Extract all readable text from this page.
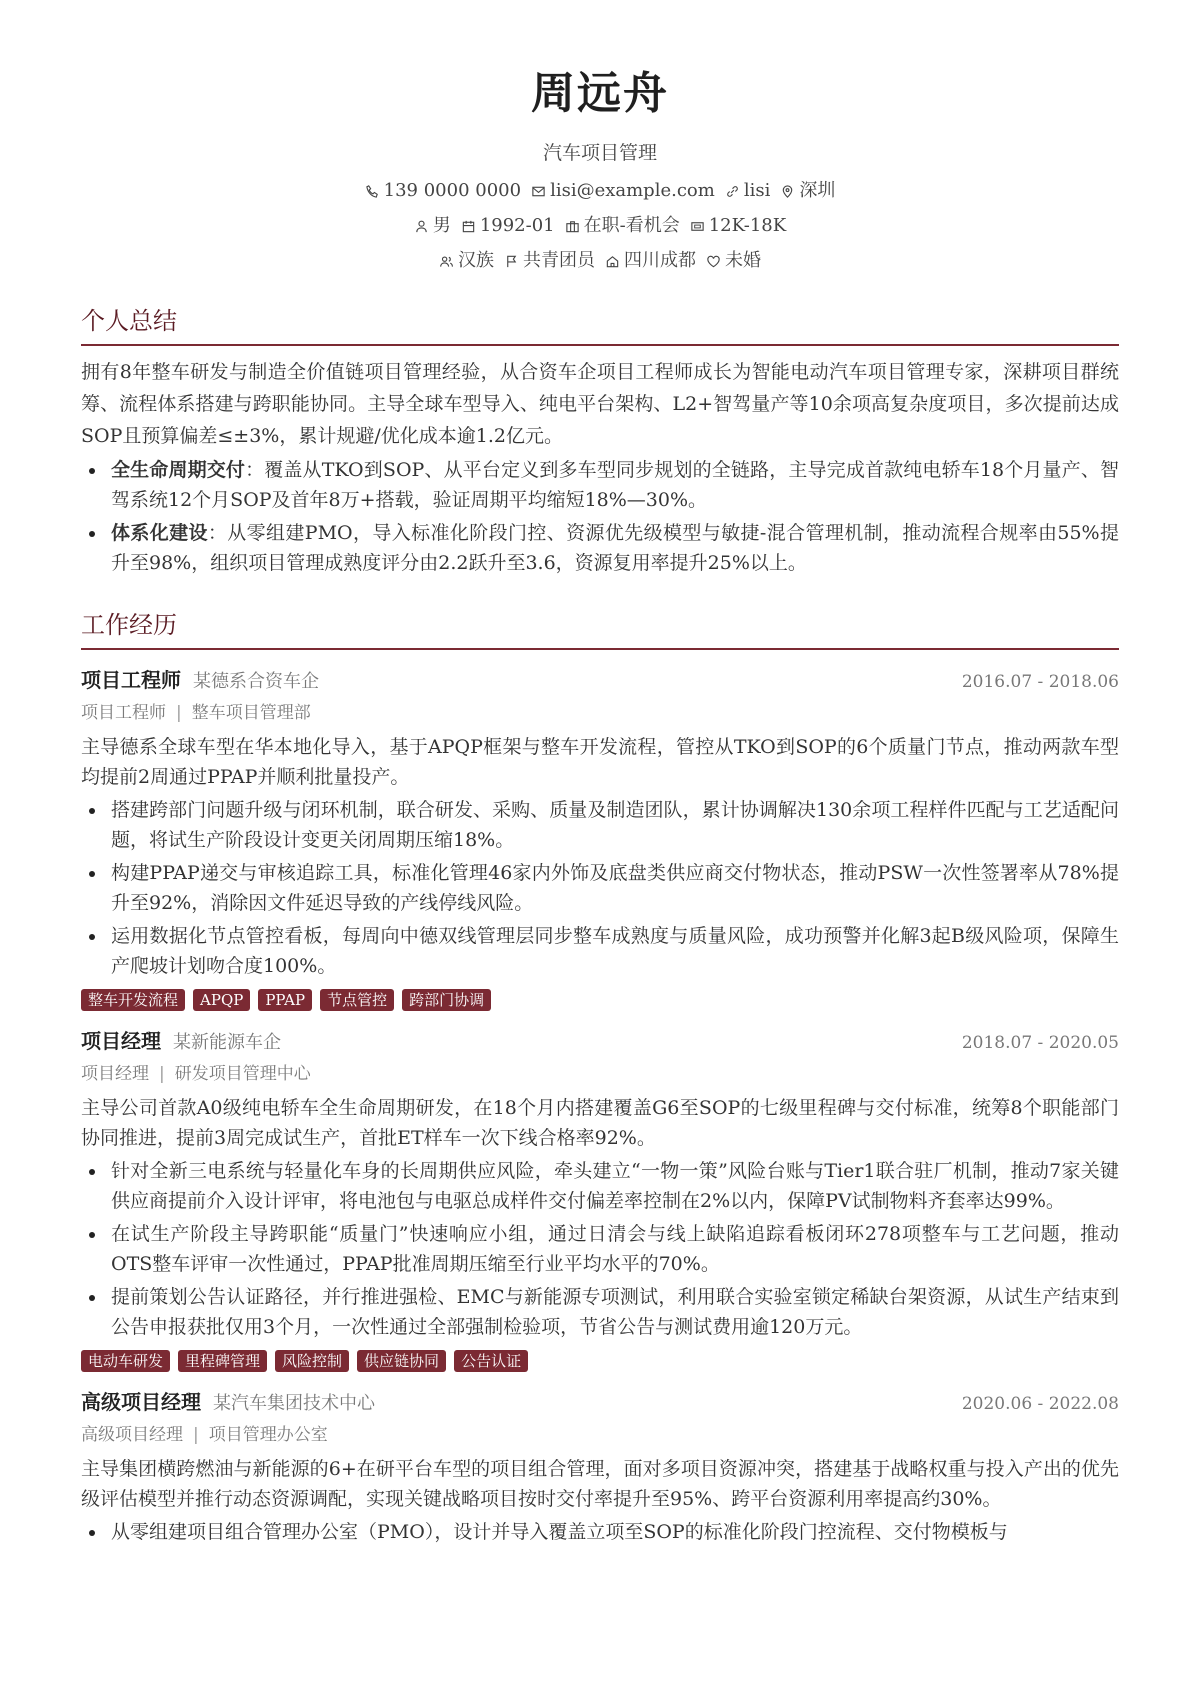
周远舟
汽车项目管理
139 0000 0000 lisi@example.com lisi 深圳
男 1992-01 在职-看机会 12K-18K
汉族 共青团员 四川成都 未婚
个人总结
拥有8年整车研发与制造全价值链项目管理经验，从合资车企项目工程师成长为智能电动汽车项目管理专家，深耕项目群统筹、流程体系搭建与跨职能协同。主导全球车型导入、纯电平台架构、L2+智驾量产等10余项高复杂度项目，多次提前达成SOP且预算偏差≤±3%，累计规避/优化成本逾1.2亿元。
全生命周期交付：覆盖从TKO到SOP、从平台定义到多车型同步规划的全链路，主导完成首款纯电轿车18个月量产、智驾系统12个月SOP及首年8万+搭载，验证周期平均缩短18%—30%。
体系化建设：从零组建PMO，导入标准化阶段门控、资源优先级模型与敏捷-混合管理机制，推动流程合规率由55%提升至98%，组织项目管理成熟度评分由2.2跃升至3.6，资源复用率提升25%以上。
工作经历
项目工程师 某德系合资车企	2016.07 - 2018.06
项目工程师 | 整车项目管理部
主导德系全球车型在华本地化导入，基于APQP框架与整车开发流程，管控从TKO到SOP的6个质量门节点，推动两款车型均提前2周通过PPAP并顺利批量投产。
搭建跨部门问题升级与闭环机制，联合研发、采购、质量及制造团队，累计协调解决130余项工程样件匹配与工艺适配问题，将试生产阶段设计变更关闭周期压缩18%。
构建PPAP递交与审核追踪工具，标准化管理46家内外饰及底盘类供应商交付物状态，推动PSW一次性签署率从78%提升至92%，消除因文件延迟导致的产线停线风险。
运用数据化节点管控看板，每周向中德双线管理层同步整车成熟度与质量风险，成功预警并化解3起B级风险项，保障生产爬坡计划吻合度100%。
整车开发流程	APQP	PPAP	节点管控	跨部门协调
项目经理 某新能源车企	2018.07 - 2020.05
项目经理 | 研发项目管理中心
主导公司首款A0级纯电轿车全生命周期研发，在18个月内搭建覆盖G6至SOP的七级里程碑与交付标准，统筹8个职能部门协同推进，提前3周完成试生产，首批ET样车一次下线合格率92%。
针对全新三电系统与轻量化车身的长周期供应风险，牵头建立“一物一策”风险台账与Tier1联合驻厂机制，推动7家关键供应商提前介入设计评审，将电池包与电驱总成样件交付偏差率控制在2%以内，保障PV试制物料齐套率达99%。
在试生产阶段主导跨职能“质量门”快速响应小组，通过日清会与线上缺陷追踪看板闭环278项整车与工艺问题，推动OTS整车评审一次性通过，PPAP批准周期压缩至行业平均水平的70%。
提前策划公告认证路径，并行推进强检、EMC与新能源专项测试，利用联合实验室锁定稀缺台架资源，从试生产结束到公告申报获批仅用3个月，一次性通过全部强制检验项，节省公告与测试费用逾120万元。
电动车研发	里程碑管理	风险控制	供应链协同	公告认证
高级项目经理 某汽车集团技术中心	2020.06 - 2022.08
高级项目经理 | 项目管理办公室
主导集团横跨燃油与新能源的6+在研平台车型的项目组合管理，面对多项目资源冲突，搭建基于战略权重与投入产出的优先级评估模型并推行动态资源调配，实现关键战略项目按时交付率提升至95%、跨平台资源利用率提高约30%。
从零组建项目组合管理办公室（PMO），设计并导入覆盖立项至SOP的标准化阶段门控流程、交付物模板与
